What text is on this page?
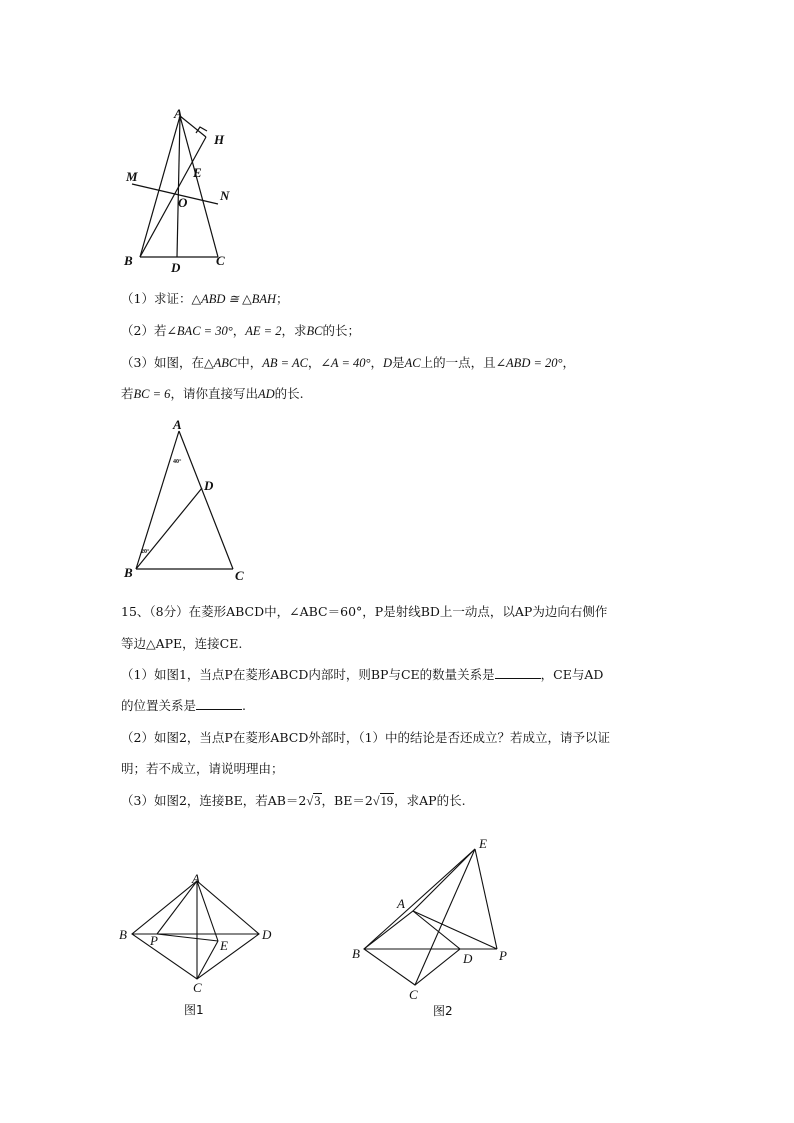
A
H
E
M
N
O
B	D	C
（1）求证：△ABD ≅ △BAH；
（2）若∠BAC = 30°，AE = 2，求BC的长；
（3）如图，在△ABC中，AB = AC，∠A = 40°，D是AC上的一点，且∠ABD = 20°，
若BC = 6，请你直接写出AD的长.
A
D
B	C
40°
20°
15、（8分）在菱形ABCD中，∠ABC＝60°，P是射线BD上一动点，以AP为边向右侧作
等边△APE，连接CE.
（1）如图1，当点P在菱形ABCD内部时，则BP与CE的数量关系是	，CE与AD
的位置关系是	.
（2）如图2，当点P在菱形ABCD外部时，（1）中的结论是否还成立？若成立，请予以证
明；若不成立，请说明理由；
（3）如图2，连接BE，若AB＝2√3，BE＝2√19，求AP的长.
A
B P	E
D
C
图1
E
A
B	D P
C
图2
